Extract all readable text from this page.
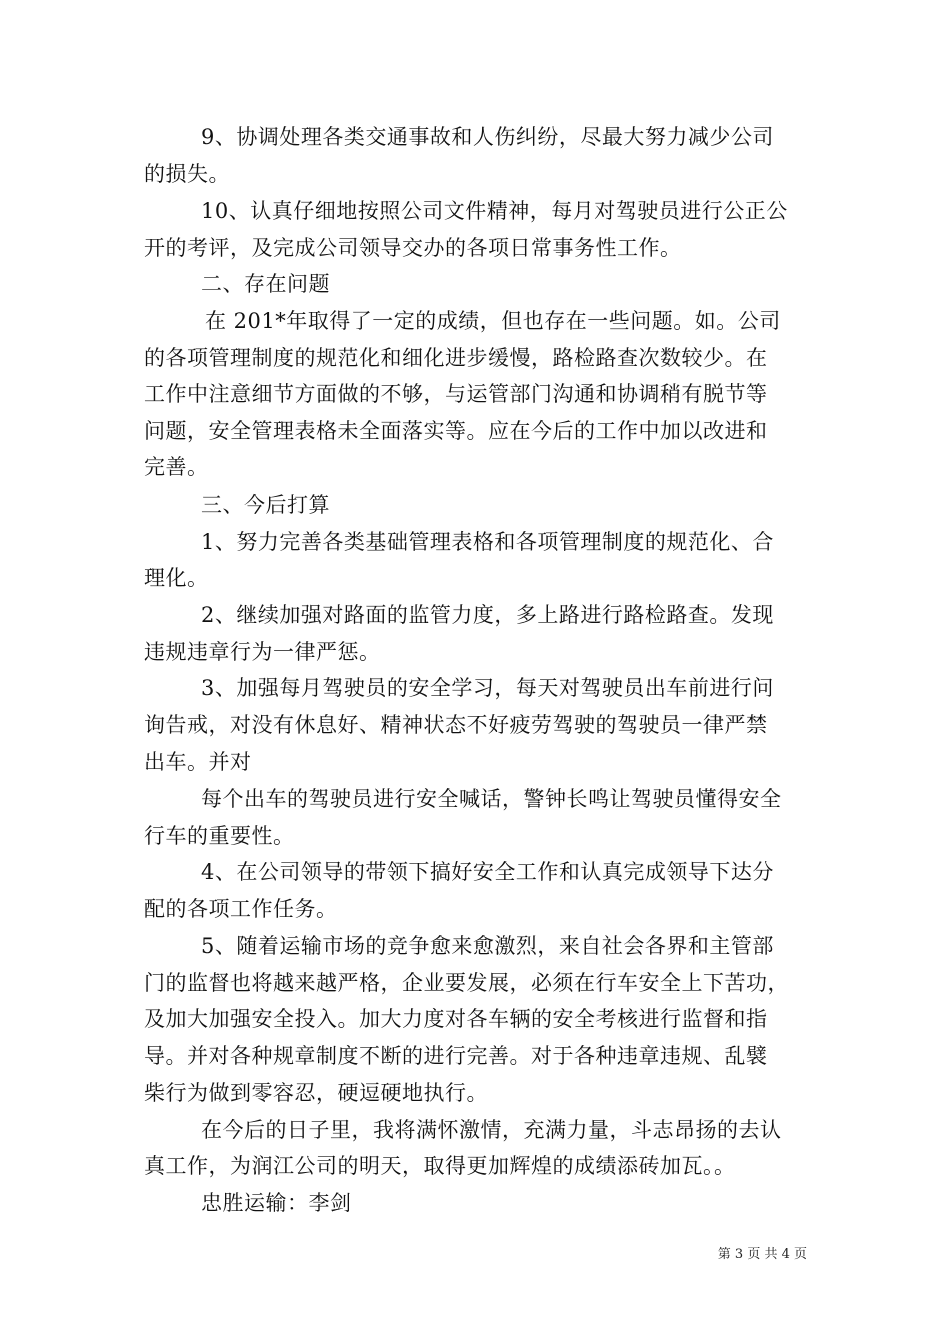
9、协调处理各类交通事故和人伤纠纷，尽最大努力减少公司
的损失。
10、认真仔细地按照公司文件精神，每月对驾驶员进行公正公
开的考评，及完成公司领导交办的各项日常事务性工作。
二、存在问题
在 201*年取得了一定的成绩，但也存在一些问题。如。公司
的各项管理制度的规范化和细化进步缓慢，路检路查次数较少。在
工作中注意细节方面做的不够，与运管部门沟通和协调稍有脱节等
问题，安全管理表格未全面落实等。应在今后的工作中加以改进和
完善。
三、今后打算
1、努力完善各类基础管理表格和各项管理制度的规范化、合
理化。
2、继续加强对路面的监管力度，多上路进行路检路查。发现
违规违章行为一律严惩。
3、加强每月驾驶员的安全学习，每天对驾驶员出车前进行问
询告戒，对没有休息好、精神状态不好疲劳驾驶的驾驶员一律严禁
出车。并对
每个出车的驾驶员进行安全喊话，警钟长鸣让驾驶员懂得安全
行车的重要性。
4、在公司领导的带领下搞好安全工作和认真完成领导下达分
配的各项工作任务。
5、随着运输市场的竞争愈来愈激烈，来自社会各界和主管部
门的监督也将越来越严格，企业要发展，必须在行车安全上下苦功，
及加大加强安全投入。加大力度对各车辆的安全考核进行监督和指
导。并对各种规章制度不断的进行完善。对于各种违章违规、乱襞
柴行为做到零容忍，硬逗硬地执行。
在今后的日子里，我将满怀激情，充满力量，斗志昂扬的去认
真工作，为润江公司的明天，取得更加辉煌的成绩添砖加瓦。。
忠胜运输：李剑
第 3 页 共 4 页
